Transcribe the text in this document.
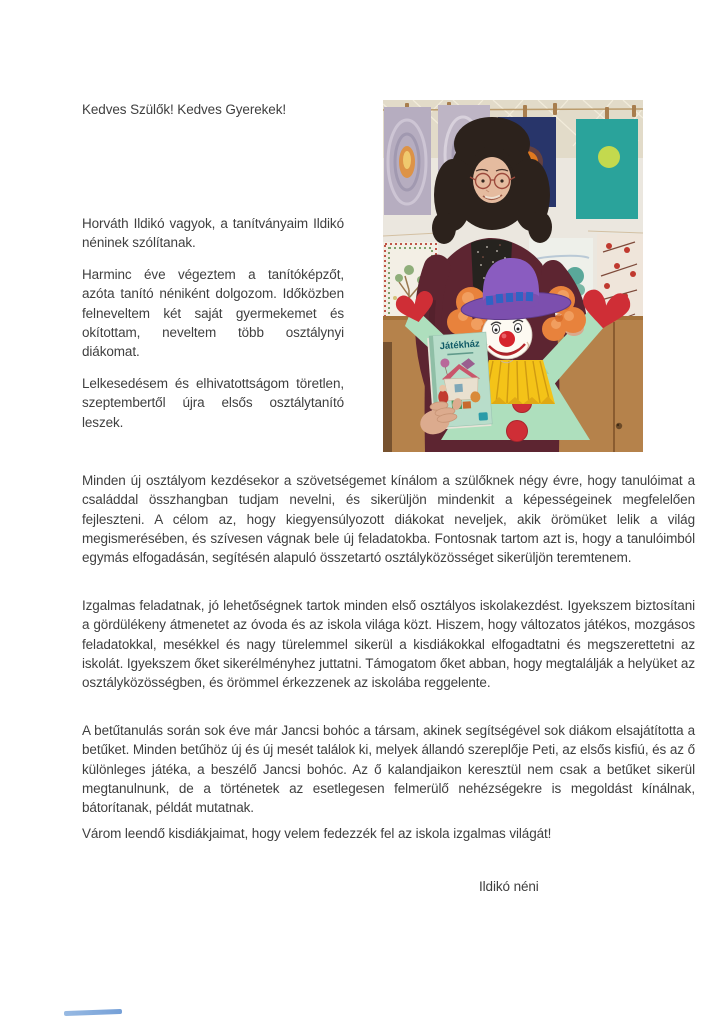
Kedves Szülők! Kedves Gyerekek!
Horváth Ildikó vagyok, a tanítványaim Ildikó néninek szólítanak.
Harminc éve végeztem a tanítóképzőt, azóta tanító néniként dolgozom. Időközben felneveltem két saját gyermekemet és okítottam, neveltem több osztálynyi diákomat.
Lelkesedésem és elhivatottságom töretlen, szeptembertől újra elsős osztálytanító leszek.
Játékház
Minden új osztályom kezdésekor a szövetségemet kínálom a szülőknek négy évre, hogy tanulóimat a családdal összhangban tudjam nevelni, és sikerüljön mindenkit a képességeinek megfelelően fejleszteni. A célom az, hogy kiegyensúlyozott diákokat neveljek, akik örömüket lelik a világ megismerésében, és szívesen vágnak bele új feladatokba. Fontosnak tartom azt is, hogy a tanulóimból egymás elfogadásán, segítésén alapuló összetartó osztályközösséget sikerüljön teremtenem.
Izgalmas feladatnak, jó lehetőségnek tartok minden első osztályos iskolakezdést. Igyekszem biztosítani a gördülékeny átmenetet az óvoda és az iskola világa közt. Hiszem, hogy változatos játékos, mozgásos feladatokkal, mesékkel és nagy türelemmel sikerül a kisdiákokkal elfogadtatni és megszerettetni az iskolát. Igyekszem őket sikerélményhez juttatni. Támogatom őket abban, hogy megtalálják a helyüket az osztályközösségben, és örömmel érkezzenek az iskolába reggelente.
A betűtanulás során sok éve már Jancsi bohóc a társam, akinek segítségével sok diákom elsajátította a betűket. Minden betűhöz új és új mesét találok ki, melyek állandó szereplője Peti, az elsős kisfiú, és az ő különleges játéka, a beszélő Jancsi bohóc. Az ő kalandjaikon keresztül nem csak a betűket sikerül megtanulnunk, de a történetek az esetlegesen felmerülő nehézségekre is megoldást kínálnak, bátorítanak, példát mutatnak.
Várom leendő kisdiákjaimat, hogy velem fedezzék fel az iskola izgalmas világát!
Ildikó néni
